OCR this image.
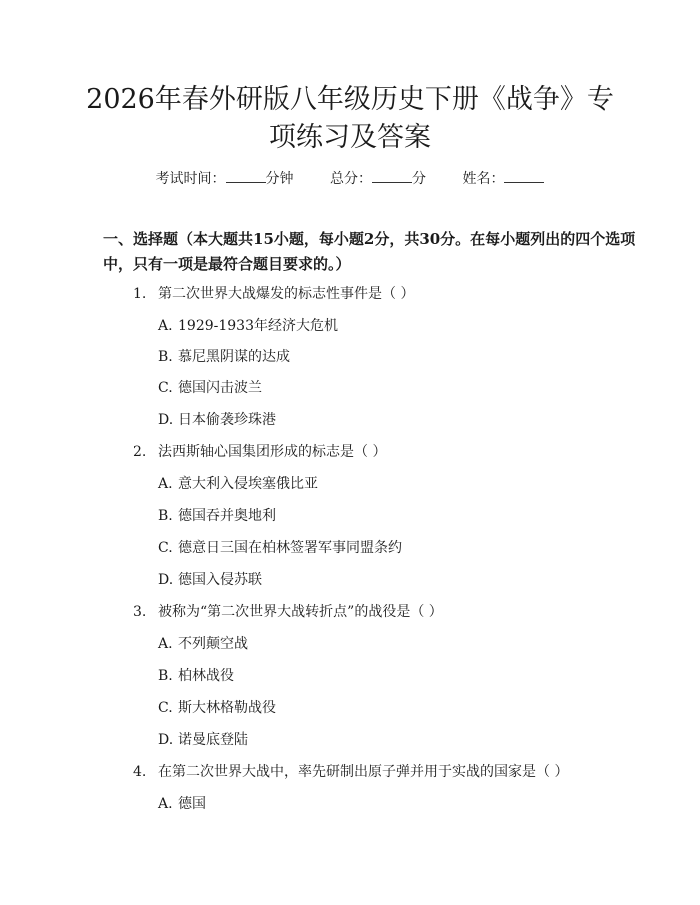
2026年春外研版八年级历史下册《战争》专
项练习及答案
考试时间：	分钟	总分：	分	姓名：
一、选择题（本大题共15小题，每小题2分，共30分。在每小题列出的四个选项中，只有一项是最符合题目要求的。）
1. 第二次世界大战爆发的标志性事件是（ ）
A. 1929-1933年经济大危机
B. 慕尼黑阴谋的达成
C. 德国闪击波兰
D. 日本偷袭珍珠港
2. 法西斯轴心国集团形成的标志是（ ）
A. 意大利入侵埃塞俄比亚
B. 德国吞并奥地利
C. 德意日三国在柏林签署军事同盟条约
D. 德国入侵苏联
3. 被称为“第二次世界大战转折点”的战役是（ ）
A. 不列颠空战
B. 柏林战役
C. 斯大林格勒战役
D. 诺曼底登陆
4. 在第二次世界大战中，率先研制出原子弹并用于实战的国家是（ ）
A. 德国
